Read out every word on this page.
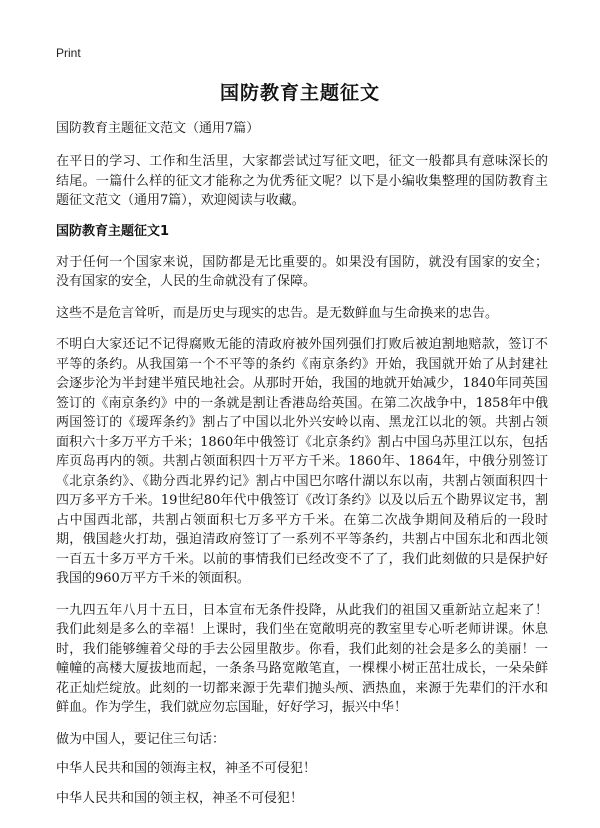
Print
国防教育主题征文

国防教育主题征文范文（通用7篇）

在平日的学习、工作和生活里，大家都尝试过写征文吧，征文一般都具有意味深长的结尾。一篇什么样的征文才能称之为优秀征文呢？以下是小编收集整理的国防教育主题征文范文（通用7篇），欢迎阅读与收藏。

国防教育主题征文1

对于任何一个国家来说，国防都是无比重要的。如果没有国防，就没有国家的安全；没有国家的安全，人民的生命就没有了保障。

这些不是危言耸听，而是历史与现实的忠告。是无数鲜血与生命换来的忠告。

不明白大家还记不记得腐败无能的清政府被外国列强们打败后被迫割地赔款，签订不平等的条约。从我国第一个不平等的条约《南京条约》开始，我国就开始了从封建社会逐步沦为半封建半殖民地社会。从那时开始，我国的地就开始减少，1840年同英国签订的《南京条约》中的一条就是割让香港岛给英国。在第二次战争中，1858年中俄两国签订的《瑷珲条约》割占了中国以北外兴安岭以南、黑龙江以北的领。共割占领面积六十多万平方千米；1860年中俄签订《北京条约》割占中国乌苏里江以东，包括库页岛再内的领。共割占领面积四十万平方千米。1860年、1864年，中俄分别签订《北京条约》、《勘分西北界约记》割占中国巴尔喀什湖以东以南，共割占领面积四十四万多平方千米。19世纪80年代中俄签订《改订条约》以及以后五个勘界议定书，割占中国西北部，共割占领面积七万多平方千米。在第二次战争期间及稍后的一段时期，俄国趁火打劫，强迫清政府签订了一系列不平等条约，共割占中国东北和西北领一百五十多万平方千米。以前的事情我们已经改变不了了，我们此刻做的只是保护好我国的960万平方千米的领面积。

一九四五年八月十五日，日本宣布无条件投降，从此我们的祖国又重新站立起来了！我们此刻是多么的幸福！上课时，我们坐在宽敞明亮的教室里专心听老师讲课。休息时，我们能够缠着父母的手去公园里散步。你看，我们此刻的社会是多么的美丽！一幢幢的高楼大厦拔地而起，一条条马路宽敞笔直，一棵棵小树正茁壮成长，一朵朵鲜花正灿烂绽放。此刻的一切都来源于先辈们抛头颅、洒热血，来源于先辈们的汗水和鲜血。作为学生，我们就应勿忘国耻，好好学习，振兴中华！

做为中国人，要记住三句话：

中华人民共和国的领海主权，神圣不可侵犯！

中华人民共和国的领主权，神圣不可侵犯！
